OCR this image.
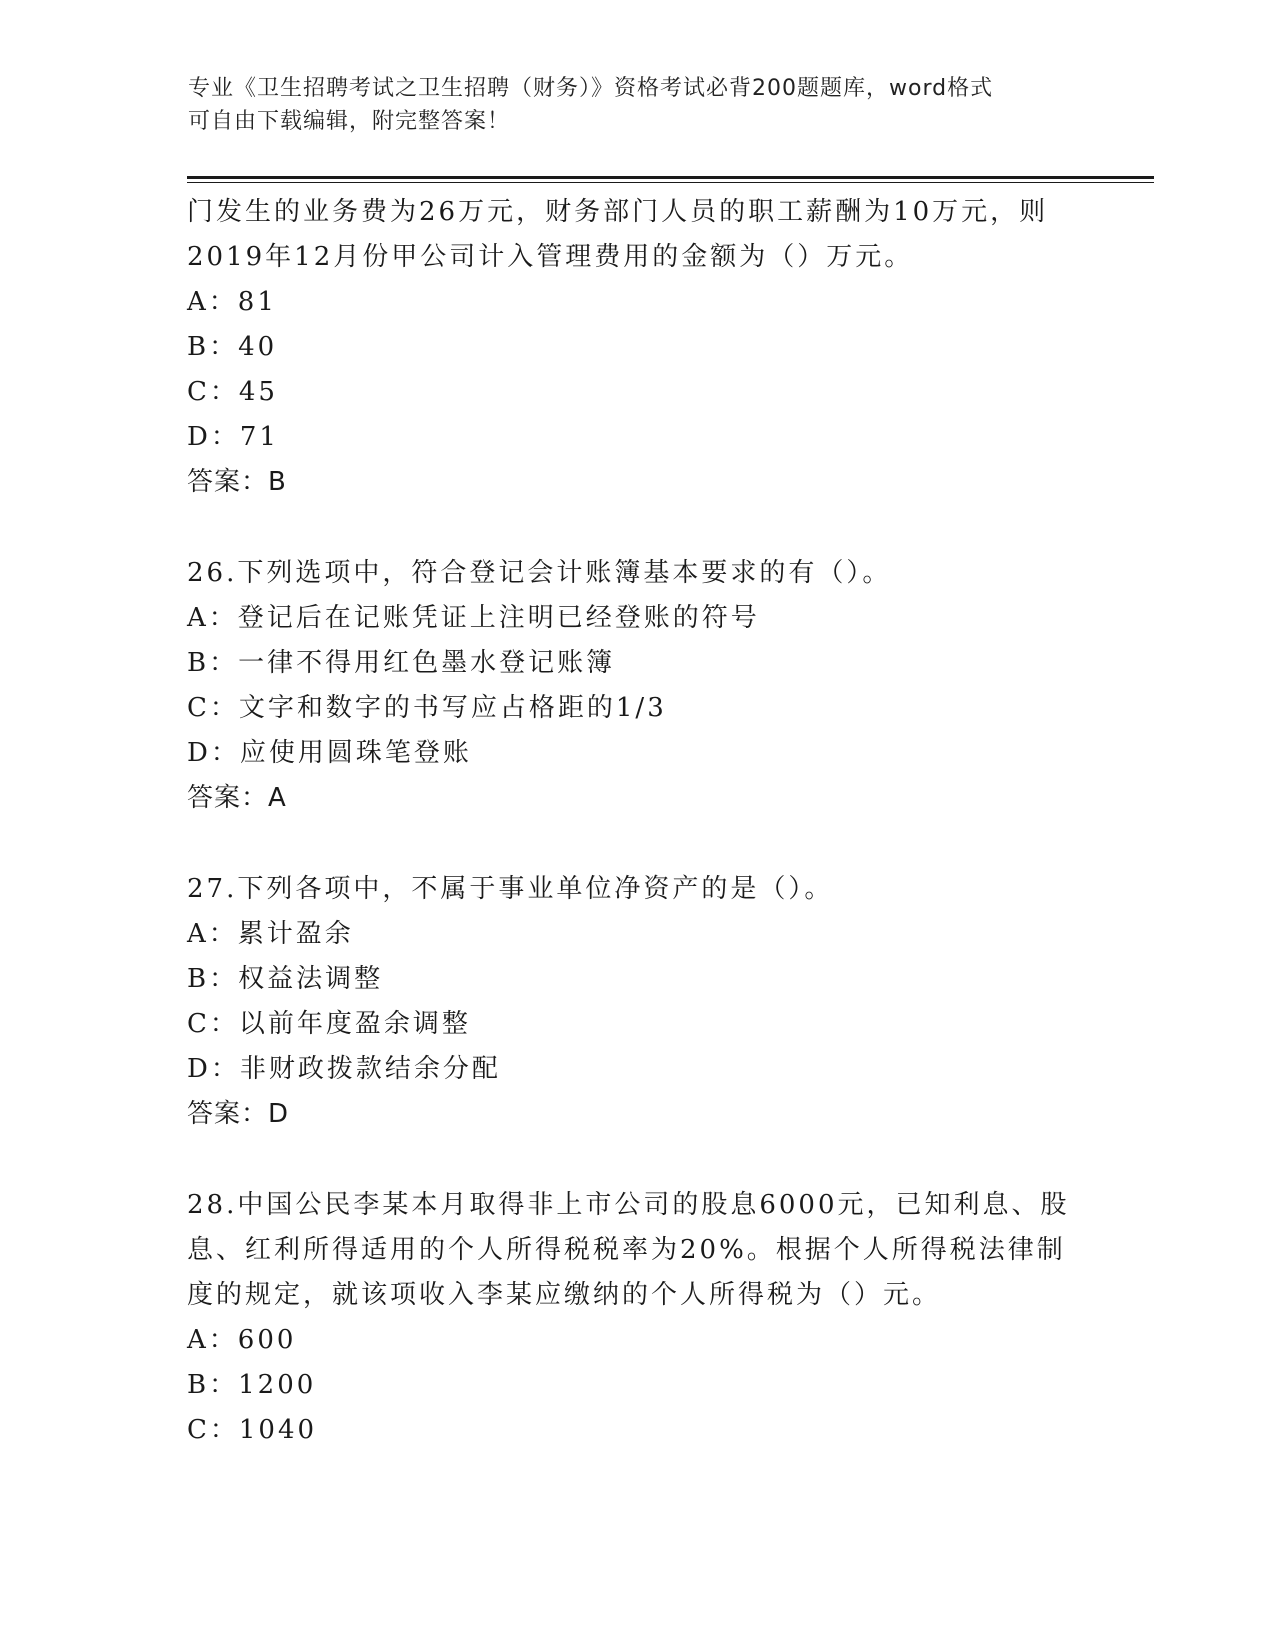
专业《卫生招聘考试之卫生招聘（财务）》资格考试必背200题题库，word格式
可自由下载编辑，附完整答案！
门发生的业务费为26万元，财务部门人员的职工薪酬为10万元，则
2019年12月份甲公司计入管理费用的金额为（）万元。
A：81
B：40
C：45
D：71
答案：B
26.下列选项中，符合登记会计账簿基本要求的有（）。
A：登记后在记账凭证上注明已经登账的符号
B：一律不得用红色墨水登记账簿
C：文字和数字的书写应占格距的1/3
D：应使用圆珠笔登账
答案：A
27.下列各项中，不属于事业单位净资产的是（）。
A：累计盈余
B：权益法调整
C：以前年度盈余调整
D：非财政拨款结余分配
答案：D
28.中国公民李某本月取得非上市公司的股息6000元，已知利息、股
息、红利所得适用的个人所得税税率为20%。根据个人所得税法律制
度的规定，就该项收入李某应缴纳的个人所得税为（）元。
A：600
B：1200
C：1040
